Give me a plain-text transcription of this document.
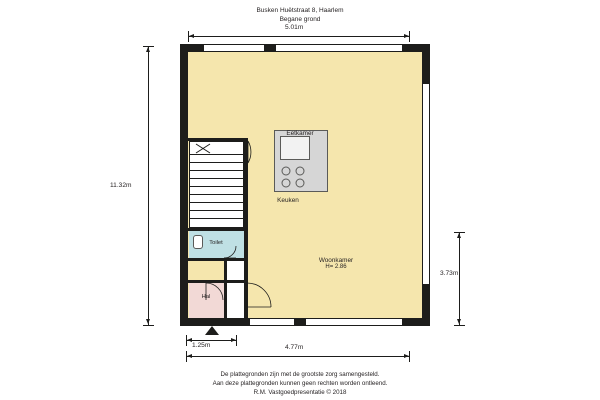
Busken Huëtstraat 8, Haarlem
Begane grond
Eetkamer
Keuken
Toilet
Hal
Woonkamer
H= 2.86
5.01m
11.32m
3.73m
1.25m	4.77m
De plattegronden zijn met de grootste zorg samengesteld.
Aan deze plattegronden kunnen geen rechten worden ontleend.
R.M. Vastgoedpresentatie © 2018
